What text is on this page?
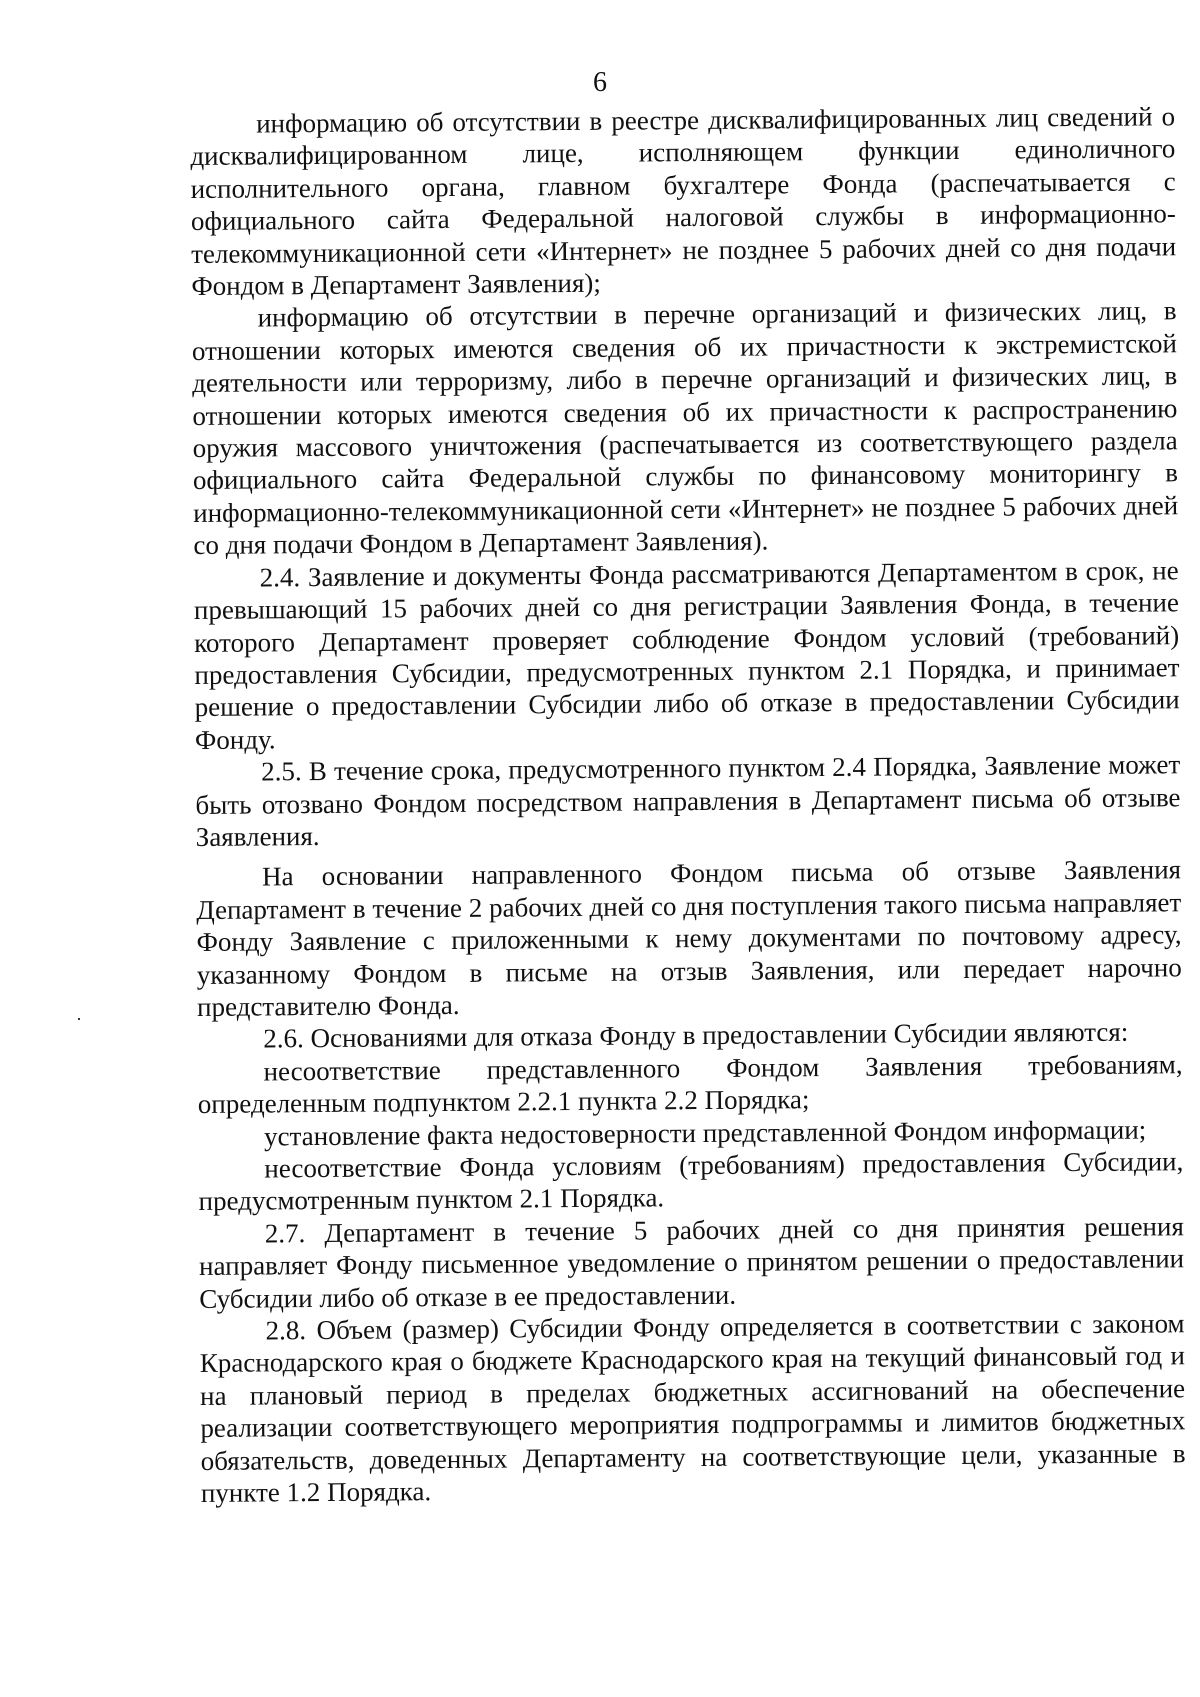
6

информацию об отсутствии в реестре дисквалифицированных лиц сведений о дисквалифицированном лице, исполняющем функции единоличного исполнительного органа, главном бухгалтере Фонда (распечатывается с официального сайта Федеральной налоговой службы в информационно-телекоммуникационной сети «Интернет» не позднее 5 рабочих дней со дня подачи Фондом в Департамент Заявления);

информацию об отсутствии в перечне организаций и физических лиц, в отношении которых имеются сведения об их причастности к экстремистской деятельности или терроризму, либо в перечне организаций и физических лиц, в отношении которых имеются сведения об их причастности к распространению оружия массового уничтожения (распечатывается из соответствующего раздела официального сайта Федеральной службы по финансовому мониторингу в информационно-телекоммуникационной сети «Интернет» не позднее 5 рабочих дней со дня подачи Фондом в Департамент Заявления).

2.4. Заявление и документы Фонда рассматриваются Департаментом в срок, не превышающий 15 рабочих дней со дня регистрации Заявления Фонда, в течение которого Департамент проверяет соблюдение Фондом условий (требований) предоставления Субсидии, предусмотренных пунктом 2.1 Порядка, и принимает решение о предоставлении Субсидии либо об отказе в предоставлении Субсидии Фонду.

2.5. В течение срока, предусмотренного пунктом 2.4 Порядка, Заявление может быть отозвано Фондом посредством направления в Департамент письма об отзыве Заявления.

На основании направленного Фондом письма об отзыве Заявления Департамент в течение 2 рабочих дней со дня поступления такого письма направляет Фонду Заявление с приложенными к нему документами по почтовому адресу, указанному Фондом в письме на отзыв Заявления, или передает нарочно представителю Фонда.

2.6. Основаниями для отказа Фонду в предоставлении Субсидии являются:

несоответствие представленного Фондом Заявления требованиям, определенным подпунктом 2.2.1 пункта 2.2 Порядка;

установление факта недостоверности представленной Фондом информации;

несоответствие Фонда условиям (требованиям) предоставления Субсидии, предусмотренным пунктом 2.1 Порядка.

2.7. Департамент в течение 5 рабочих дней со дня принятия решения направляет Фонду письменное уведомление о принятом решении о предоставлении Субсидии либо об отказе в ее предоставлении.

2.8. Объем (размер) Субсидии Фонду определяется в соответствии с законом Краснодарского края о бюджете Краснодарского края на текущий финансовый год и на плановый период в пределах бюджетных ассигнований на обеспечение реализации соответствующего мероприятия подпрограммы и лимитов бюджетных обязательств, доведенных Департаменту на соответствующие цели, указанные в пункте 1.2 Порядка.
